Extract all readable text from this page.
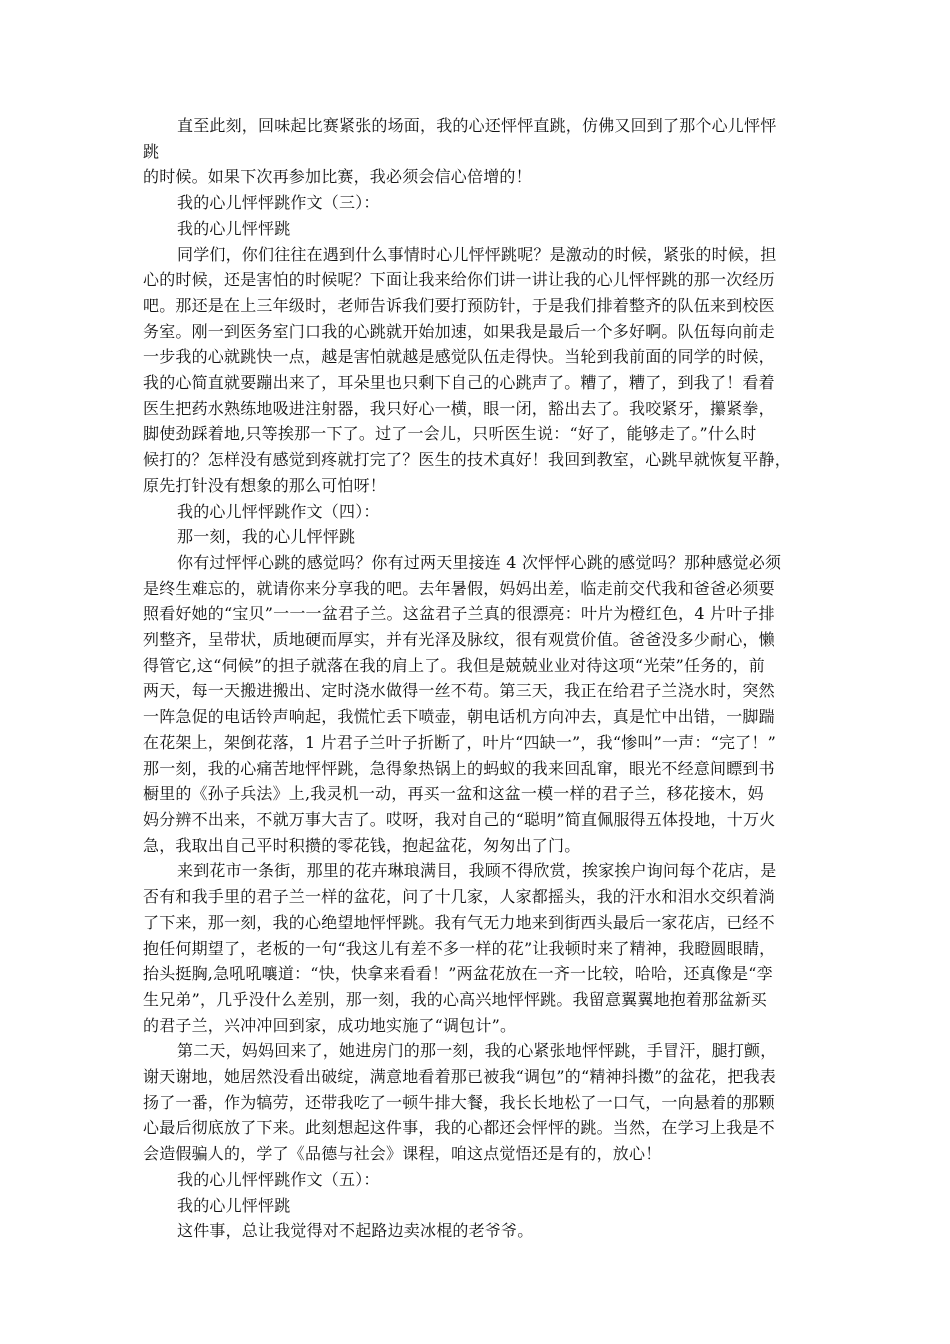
直至此刻，回味起比赛紧张的场面，我的心还怦怦直跳，仿佛又回到了那个心儿怦怦

跳

的时候。如果下次再参加比赛，我必须会信心倍增的！

我的心儿怦怦跳作文（三）：

我的心儿怦怦跳

同学们，你们往往在遇到什么事情时心儿怦怦跳呢？是激动的时候，紧张的时候，担

心的时候，还是害怕的时候呢？下面让我来给你们讲一讲让我的心儿怦怦跳的那一次经历

吧。那还是在上三年级时，老师告诉我们要打预防针，于是我们排着整齐的队伍来到校医

务室。刚一到医务室门口我的心跳就开始加速，如果我是最后一个多好啊。队伍每向前走

一步我的心就跳快一点，越是害怕就越是感觉队伍走得快。当轮到我前面的同学的时候，

我的心简直就要蹦出来了，耳朵里也只剩下自己的心跳声了。糟了，糟了，到我了！看着

医生把药水熟练地吸进注射器，我只好心一横，眼一闭，豁出去了。我咬紧牙，攥紧拳，

脚使劲踩着地,只等挨那一下了。过了一会儿，只听医生说：“好了，能够走了。”什么时

候打的？怎样没有感觉到疼就打完了？医生的技术真好！我回到教室，心跳早就恢复平静，

原先打针没有想象的那么可怕呀！

我的心儿怦怦跳作文（四）：

那一刻，我的心儿怦怦跳

你有过怦怦心跳的感觉吗？你有过两天里接连 4 次怦怦心跳的感觉吗？那种感觉必须

是终生难忘的，就请你来分享我的吧。去年暑假，妈妈出差，临走前交代我和爸爸必须要

照看好她的“宝贝”一一一盆君子兰。这盆君子兰真的很漂亮：叶片为橙红色，4 片叶子排

列整齐，呈带状，质地硬而厚实，并有光泽及脉纹，很有观赏价值。爸爸没多少耐心，懒

得管它,这“伺候”的担子就落在我的肩上了。我但是兢兢业业对待这项“光荣”任务的，前

两天，每一天搬进搬出、定时浇水做得一丝不苟。第三天，我正在给君子兰浇水时，突然

一阵急促的电话铃声响起，我慌忙丢下喷壶，朝电话机方向冲去，真是忙中出错，一脚踹

在花架上，架倒花落，1 片君子兰叶子折断了，叶片“四缺一”，我“惨叫”一声：“完了！”

那一刻，我的心痛苦地怦怦跳，急得象热锅上的蚂蚁的我来回乱窜，眼光不经意间瞟到书

橱里的《孙子兵法》上,我灵机一动，再买一盆和这盆一模一样的君子兰，移花接木，妈

妈分辨不出来，不就万事大吉了。哎呀，我对自己的“聪明”简直佩服得五体投地，十万火

急，我取出自己平时积攒的零花钱，抱起盆花，匆匆出了门。

来到花市一条街，那里的花卉琳琅满目，我顾不得欣赏，挨家挨户询问每个花店，是

否有和我手里的君子兰一样的盆花，问了十几家，人家都摇头，我的汗水和泪水交织着淌

了下来，那一刻，我的心绝望地怦怦跳。我有气无力地来到街西头最后一家花店，已经不

抱任何期望了，老板的一句“我这儿有差不多一样的花”让我顿时来了精神，我瞪圆眼睛，

抬头挺胸,急吼吼嚷道：“快，快拿来看看！”两盆花放在一齐一比较，哈哈，还真像是“孪

生兄弟”，几乎没什么差别，那一刻，我的心高兴地怦怦跳。我留意翼翼地抱着那盆新买

的君子兰，兴冲冲回到家，成功地实施了“调包计”。

第二天，妈妈回来了，她进房门的那一刻，我的心紧张地怦怦跳，手冒汗，腿打颤，

谢天谢地，她居然没看出破绽，满意地看着那已被我“调包”的“精神抖擞”的盆花，把我表

扬了一番，作为犒劳，还带我吃了一顿牛排大餐，我长长地松了一口气，一向悬着的那颗

心最后彻底放了下来。此刻想起这件事，我的心都还会怦怦的跳。当然，在学习上我是不

会造假骗人的，学了《品德与社会》课程，咱这点觉悟还是有的，放心！

我的心儿怦怦跳作文（五）：

我的心儿怦怦跳

这件事，总让我觉得对不起路边卖冰棍的老爷爷。
